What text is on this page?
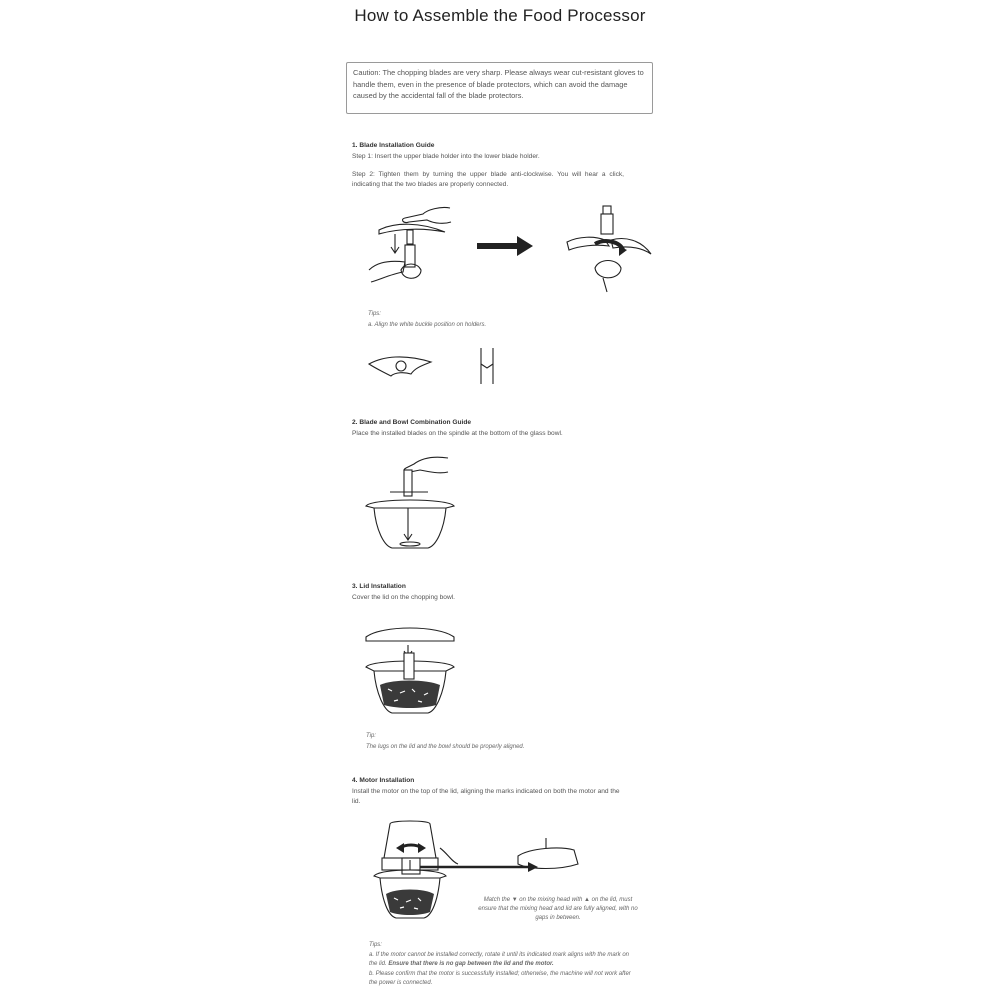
How to Assemble the Food Processor
Caution: The chopping blades are very sharp. Please always wear cut-resistant gloves to handle them, even in the presence of blade protectors, which can avoid the damage caused by the accidental fall of the blade protectors.
1. Blade Installation Guide
Step 1: Insert the upper blade holder into the lower blade holder.
Step 2: Tighten them by turning the upper blade anti-clockwise. You will hear a click, indicating that the two blades are properly connected.
Tips:
a. Align the white buckle position on holders.
2. Blade and Bowl Combination Guide
Place the installed blades on the spindle at the bottom of the glass bowl.
3. Lid Installation
Cover the lid on the chopping bowl.
Tip:
The lugs on the lid and the bowl should be properly aligned.
4. Motor Installation
Install the motor on the top of the lid, aligning the marks indicated on both the motor and the lid.
Match the ▼ on the mixing head with ▲ on the lid, must ensure that the mixing head and lid are fully aligned, with no gaps in between.
Tips:
a. If the motor cannot be installed correctly, rotate it until its indicated mark aligns with the mark on the lid. Ensure that there is no gap between the lid and the motor.
b. Please confirm that the motor is successfully installed; otherwise, the machine will not work after the power is connected.
